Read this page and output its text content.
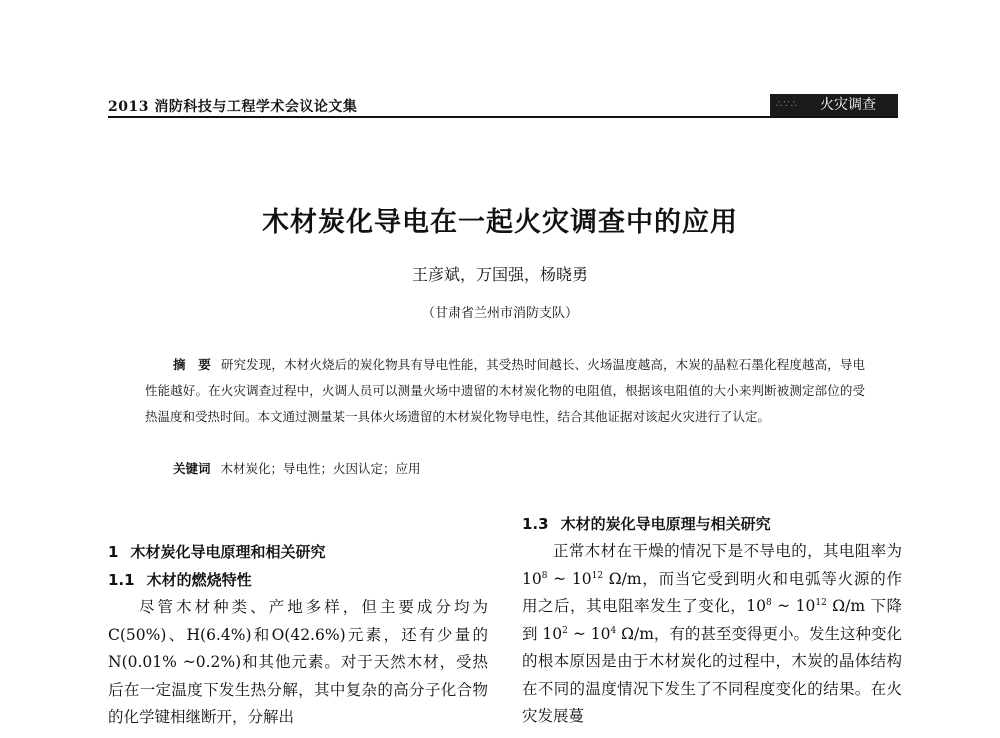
2013 消防科技与工程学术会议论文集	∴∵∴ 火灾调查
木材炭化导电在一起火灾调查中的应用
王彦斌，万国强，杨晓勇
（甘肃省兰州市消防支队）
摘　要 研究发现，木材火烧后的炭化物具有导电性能，其受热时间越长、火场温度越高，木炭的晶粒石墨化程度越高，导电性能越好。在火灾调查过程中，火调人员可以测量火场中遗留的木材炭化物的电阻值，根据该电阻值的大小来判断被测定部位的受热温度和受热时间。本文通过测量某一具体火场遗留的木材炭化物导电性，结合其他证据对该起火灾进行了认定。
关键词 木材炭化；导电性；火因认定；应用
1 木材炭化导电原理和相关研究
1.1 木材的燃烧特性

尽管木材种类、产地多样，但主要成分均为C(50%)、H(6.4%)和O(42.6%)元素，还有少量的N(0.01% ~0.2%)和其他元素。对于天然木材，受热后在一定温度下发生热分解，其中复杂的高分子化合物的化学键相继断开，分解出

1.3 木材的炭化导电原理与相关研究

正常木材在干燥的情况下是不导电的，其电阻率为 $10^8$ ~ $10^{12}$ Ω/m，而当它受到明火和电弧等火源的作用之后，其电阻率发生了变化，$10^8$ ~ $10^{12}$ Ω/m 下降到 $10^2$ ~ $10^4$ Ω/m，有的甚至变得更小。发生这种变化的根本原因是由于木材炭化的过程中，木炭的晶体结构在不同的温度情况下发生了不同程度变化的结果。在火灾发展蔓
